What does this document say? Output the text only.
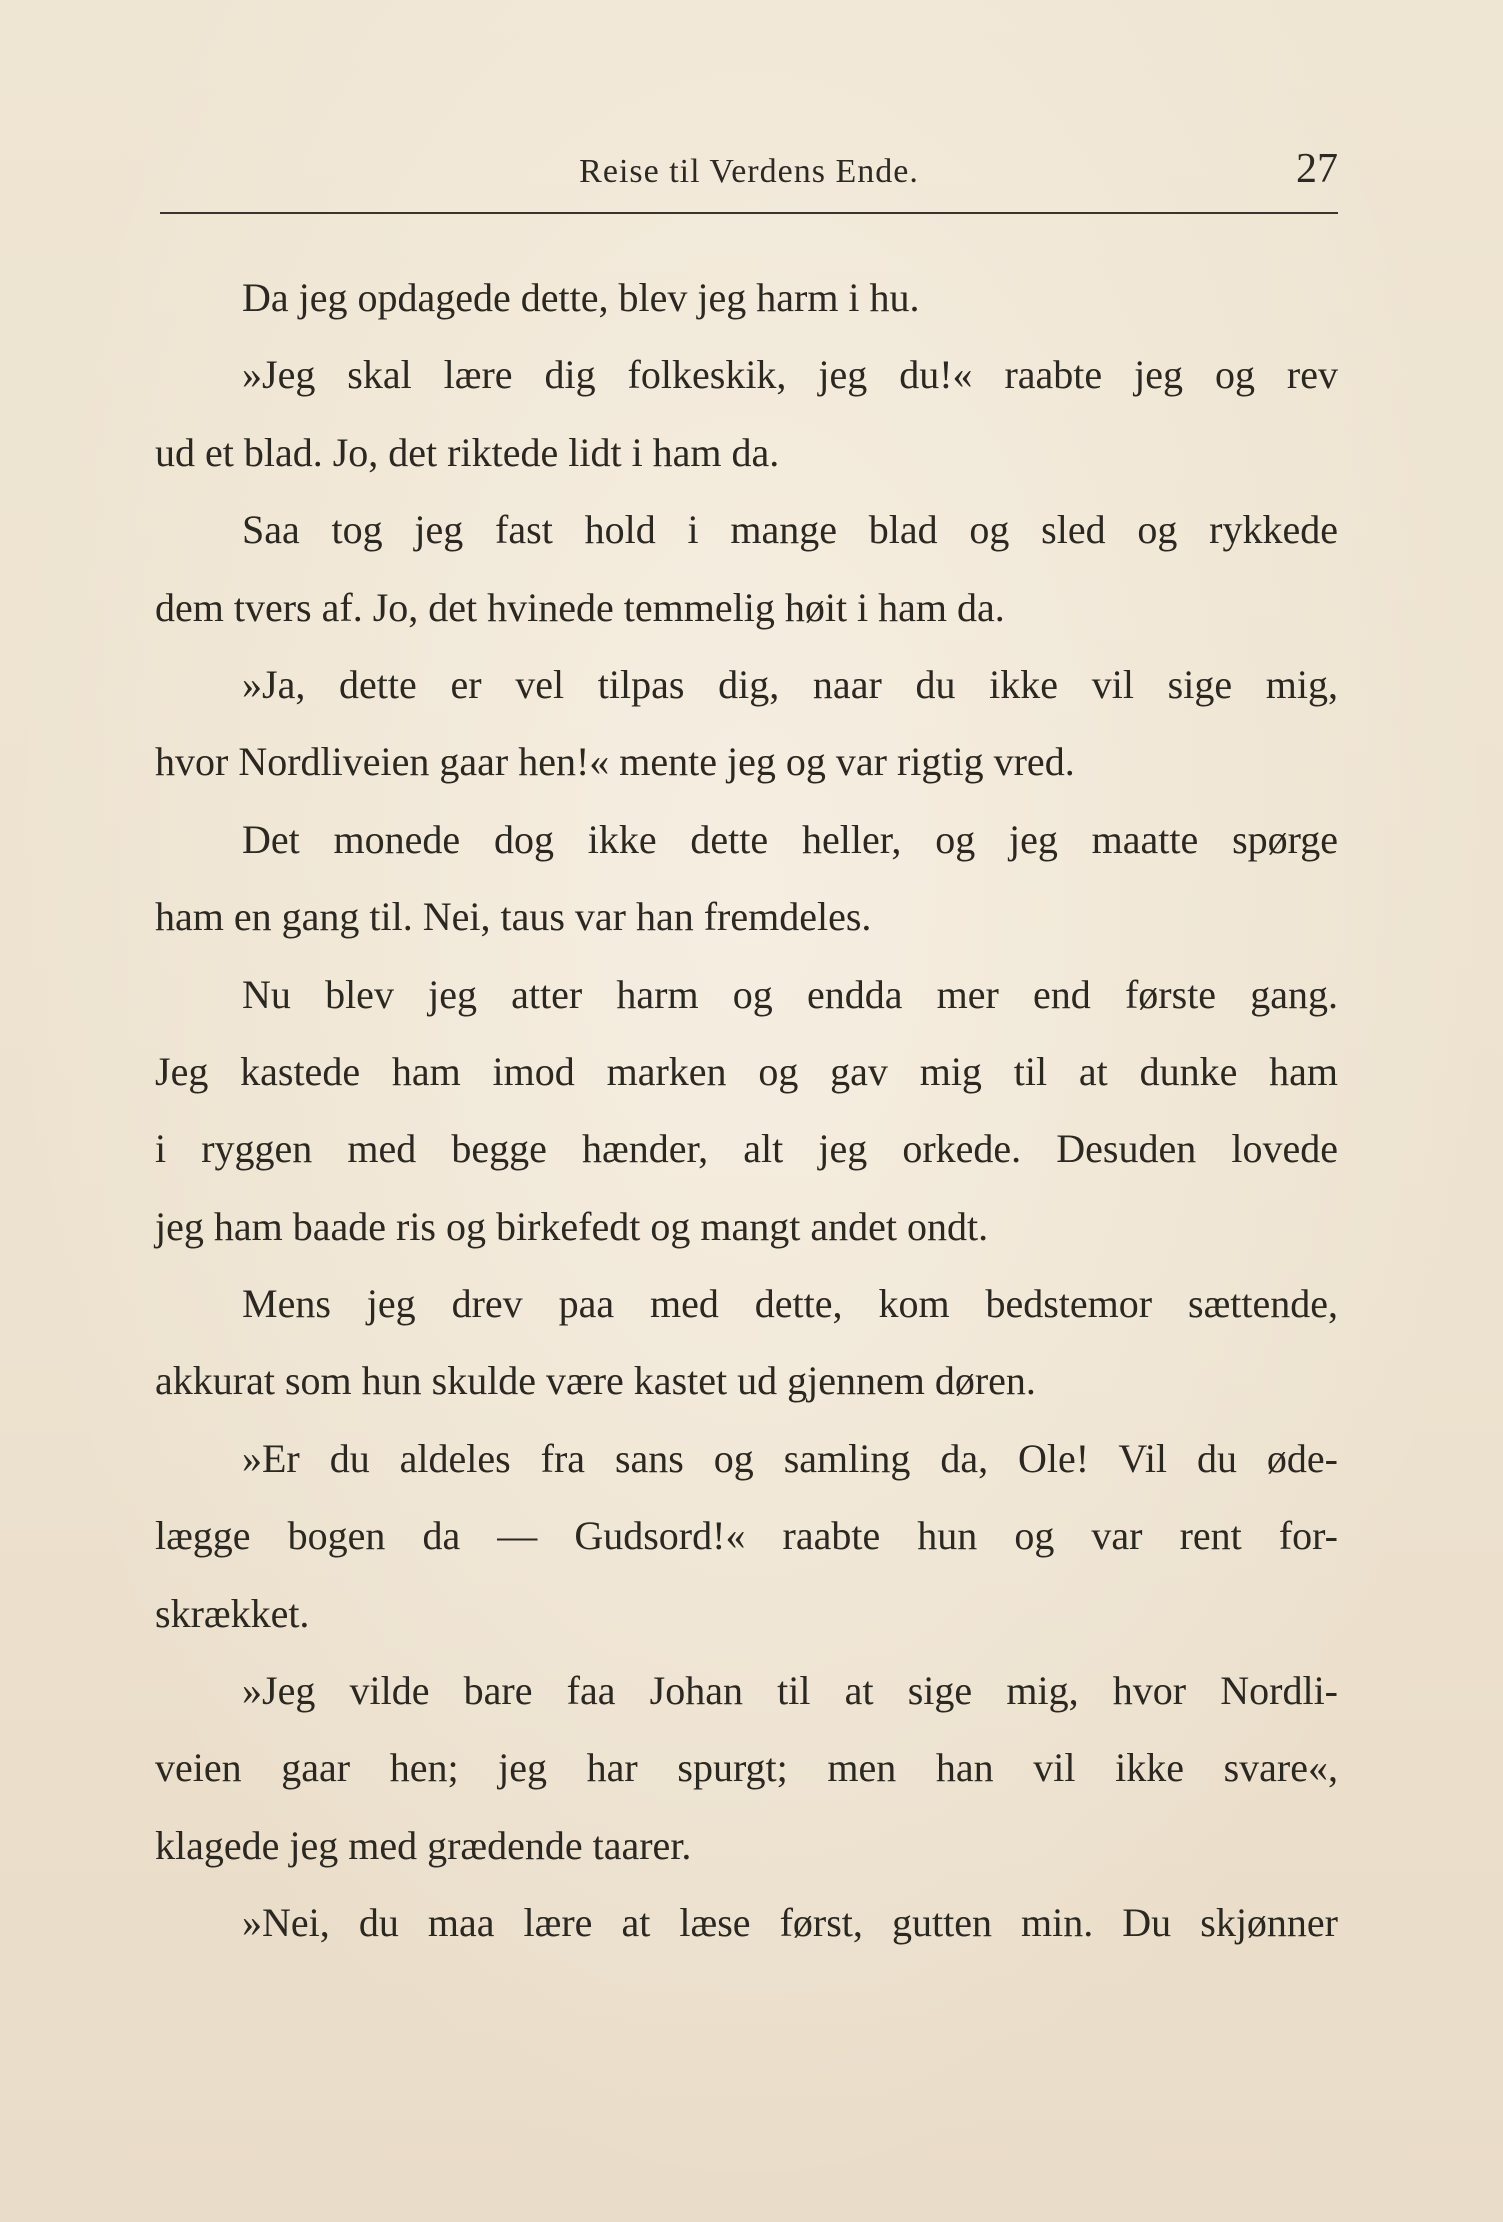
Reise til Verdens Ende.	27
Da jeg opdagede dette, blev jeg harm i hu.
»Jeg skal lære dig folkeskik, jeg du!« raabte jeg og rev
ud et blad. Jo, det riktede lidt i ham da.
Saa tog jeg fast hold i mange blad og sled og rykkede
dem tvers af. Jo, det hvinede temmelig høit i ham da.
»Ja, dette er vel tilpas dig, naar du ikke vil sige mig,
hvor Nordliveien gaar hen!« mente jeg og var rigtig vred.
Det monede dog ikke dette heller, og jeg maatte spørge
ham en gang til. Nei, taus var han fremdeles.
Nu blev jeg atter harm og endda mer end første gang.
Jeg kastede ham imod marken og gav mig til at dunke ham
i ryggen med begge hænder, alt jeg orkede. Desuden lovede
jeg ham baade ris og birkefedt og mangt andet ondt.
Mens jeg drev paa med dette, kom bedstemor sættende,
akkurat som hun skulde være kastet ud gjennem døren.
»Er du aldeles fra sans og samling da, Ole! Vil du øde-
lægge bogen da — Gudsord!« raabte hun og var rent for-
skrækket.
»Jeg vilde bare faa Johan til at sige mig, hvor Nordli-
veien gaar hen; jeg har spurgt; men han vil ikke svare«,
klagede jeg med grædende taarer.
»Nei, du maa lære at læse først, gutten min. Du skjønner
